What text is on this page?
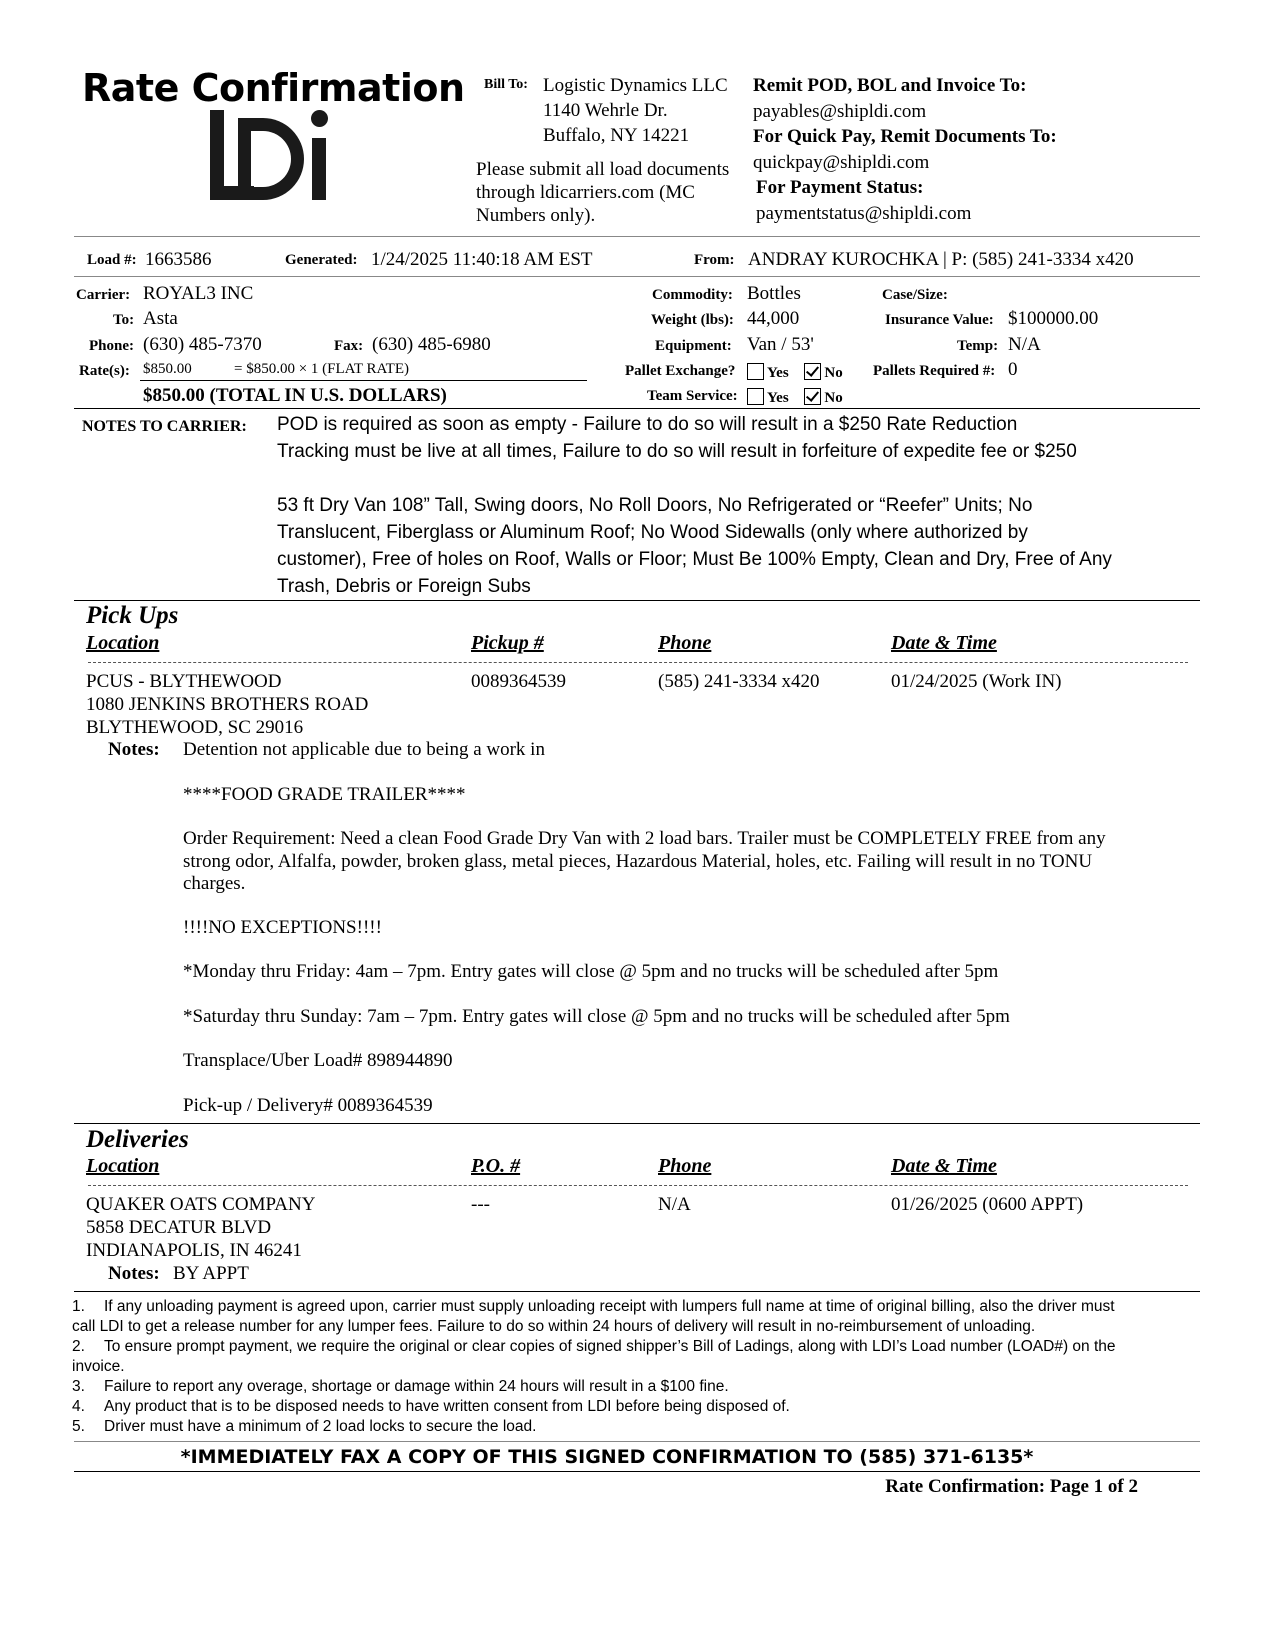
Rate Confirmation Bill To: Logistic Dynamics LLC
1140 Wehrle Dr.
Buffalo, NY 14221
Please submit all load documents
through ldicarriers.com (MC
Numbers only).
Remit POD, BOL and Invoice To:
payables@shipldi.com
For Quick Pay, Remit Documents To:
quickpay@shipldi.com
For Payment Status:
paymentstatus@shipldi.com
Load #: 1663586	Generated: 1/24/2025 11:40:18 AM EST	From: ANDRAY KUROCHKA | P: (585) 241-3334 x420
Carrier: ROYAL3 INC
To: Asta
Phone: (630) 485-7370	Fax: (630) 485-6980
Rate(s): $850.00	= $850.00 × 1 (FLAT RATE)
$850.00 (TOTAL IN U.S. DOLLARS)
Commodity: Bottles
Weight (lbs): 44,000
Equipment: Van / 53'
Pallet Exchange?	Yes No
Team Service:	Yes No
Case/Size:
Insurance Value: $100000.00
Temp: N/A
Pallets Required #: 0
NOTES TO CARRIER: POD is required as soon as empty - Failure to do so will result in a $250 Rate Reduction
Tracking must be live at all times, Failure to do so will result in forfeiture of expedite fee or $250
53 ft Dry Van 108” Tall, Swing doors, No Roll Doors, No Refrigerated or “Reefer” Units; No
Translucent, Fiberglass or Aluminum Roof; No Wood Sidewalls (only where authorized by
customer), Free of holes on Roof, Walls or Floor; Must Be 100% Empty, Clean and Dry, Free of Any
Trash, Debris or Foreign Subs
Pick Ups
Location	Pickup #	Phone	Date & Time
PCUS - BLYTHEWOOD
1080 JENKINS BROTHERS ROAD
BLYTHEWOOD, SC 29016
0089364539	(585) 241-3334 x420	01/24/2025 (Work IN)
Notes: Detention not applicable due to being a work in
****FOOD GRADE TRAILER****
Order Requirement: Need a clean Food Grade Dry Van with 2 load bars. Trailer must be COMPLETELY FREE from any strong odor, Alfalfa, powder, broken glass, metal pieces, Hazardous Material, holes, etc. Failing will result in no TONU charges.
!!!!NO EXCEPTIONS!!!!
*Monday thru Friday: 4am – 7pm. Entry gates will close @ 5pm and no trucks will be scheduled after 5pm
*Saturday thru Sunday: 7am – 7pm. Entry gates will close @ 5pm and no trucks will be scheduled after 5pm
Transplace/Uber Load# 898944890
Pick-up / Delivery# 0089364539
Deliveries
Location	P.O. #	Phone	Date & Time
QUAKER OATS COMPANY
5858 DECATUR BLVD
INDIANAPOLIS, IN 46241
---	N/A	01/26/2025 (0600 APPT)
Notes: BY APPT
1. If any unloading payment is agreed upon, carrier must supply unloading receipt with lumpers full name at time of original billing, also the driver must call LDI to get a release number for any lumper fees. Failure to do so within 24 hours of delivery will result in no-reimbursement of unloading.
2. To ensure prompt payment, we require the original or clear copies of signed shipper’s Bill of Ladings, along with LDI’s Load number (LOAD#) on the invoice.
3. Failure to report any overage, shortage or damage within 24 hours will result in a $100 fine.
4. Any product that is to be disposed needs to have written consent from LDI before being disposed of.
5. Driver must have a minimum of 2 load locks to secure the load.
*IMMEDIATELY FAX A COPY OF THIS SIGNED CONFIRMATION TO (585) 371-6135*
Rate Confirmation: Page 1 of 2
